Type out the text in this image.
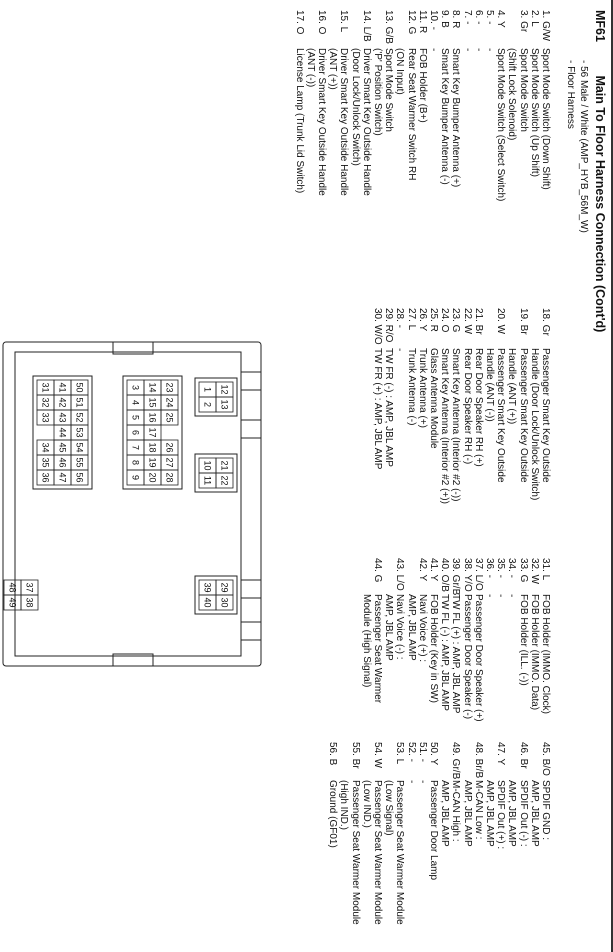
MF61 Main To Floor Harness Connection (Cont'd)
- 56 Male / White (AMP_HYB_56M_W)
- Floor Harness
1. G/W
Sport Mode Switch (Down Shift)
2. L
Sport Mode Switch (Up Shift)
3. Gr
Sport Mode Switch
(Shift Lock Solenoid)
4. Y
Sport Mode Switch (Select Switch)
5. -
-
6. -
-
7. -
-
8. R
Smart Key Bumper Antenna (+)
9. B
Smart Key Bumper Antenna (-)
10. -
-
11. R
FOB Holder (B+)
12. G
Rear Seat Warmer Switch RH
(ON Input)
13. G/B
Sport Mode Switch
('P' Position Switch)
14. L/B
Driver Smart Key Outside Handle
(Door Lock/Unlock Switch)
15. L
Driver Smart Key Outside Handle
(ANT (+))
16. O
Driver Smart Key Outside Handle
(ANT (-))
17. O
License Lamp (Trunk Lid Switch)
18. Gr
Passenger Smart Key Outside
Handle (Door Lock/Unlock Switch)
19. Br
Passenger Smart Key Outside
Handle (ANT (+))
20. W
Passenger Smart Key Outside
Handle (ANT (-))
21. Br
Rear Door Speaker RH (+)
22. W
Rear Door Speaker RH (-)
23. G
Smart Key Antenna (Interior #2 (-))
24. O
Smart Key Antenna (Interior #2 (+))
25. R
Glass Antenna Module
26. Y
Trunk Antenna (+)
27. L
Trunk Antenna (-)
28. -
-
29. R/O
TW FR (-) : AMP, JBL AMP
30. W/O
TW FR (+) : AMP, JBL AMP
31. L
FOB Holder (IMMO. Clock)
32. W
FOB Holder (IMMO. Data)
33. G
FOB Holder (ILL. (-))
34. -
-
35. -
-
36. -
-
37. L/O
Passenger Door Speaker (+)
38. Y/O
Passenger Door Speaker (-)
39. Gr/B
TW FL (+) : AMP, JBL AMP
40. O/B
TW FL (-) : AMP, JBL AMP
41. Y
FOB Holder (Key in SW)
42. Y
Navi Voice (+) :
AMP, JBL AMP
43. L/O
Navi Voice (-) :
AMP, JBL AMP
44. G
Passenger Seat Warmer
Module (High Signal)
45. B/O
SPDIF GND :
AMP, JBL AMP
46. Br
SPDIF Out (-) :
AMP, JBL AMP
47. Y
SPDIF Out (+) :
AMP, JBL AMP
48. Br/B
M-CAN Low :
AMP, JBL AMP
49. Gr/B
M-CAN High :
AMP, JBL AMP
50. Y
Passenger Door Lamp
51. -
-
52. -
-
53. L
Passenger Seat Warmer Module
(Low Signal)
54. W
Passenger Seat Warmer Module
(Low IND.)
55. Br
Passenger Seat Warmer Module
(High IND.)
56. B
Ground (GF01)
12
13
1
2
21
22
10
11
23
24
25
26
27
28
14
15
16
17
18
19
20
3
4
5
6
7
8
9
50
51
52
53
54
55
56
41
42
43
44
45
46
47
31
32
33
34
35
36
29
30
39
40
37
38
48
49
